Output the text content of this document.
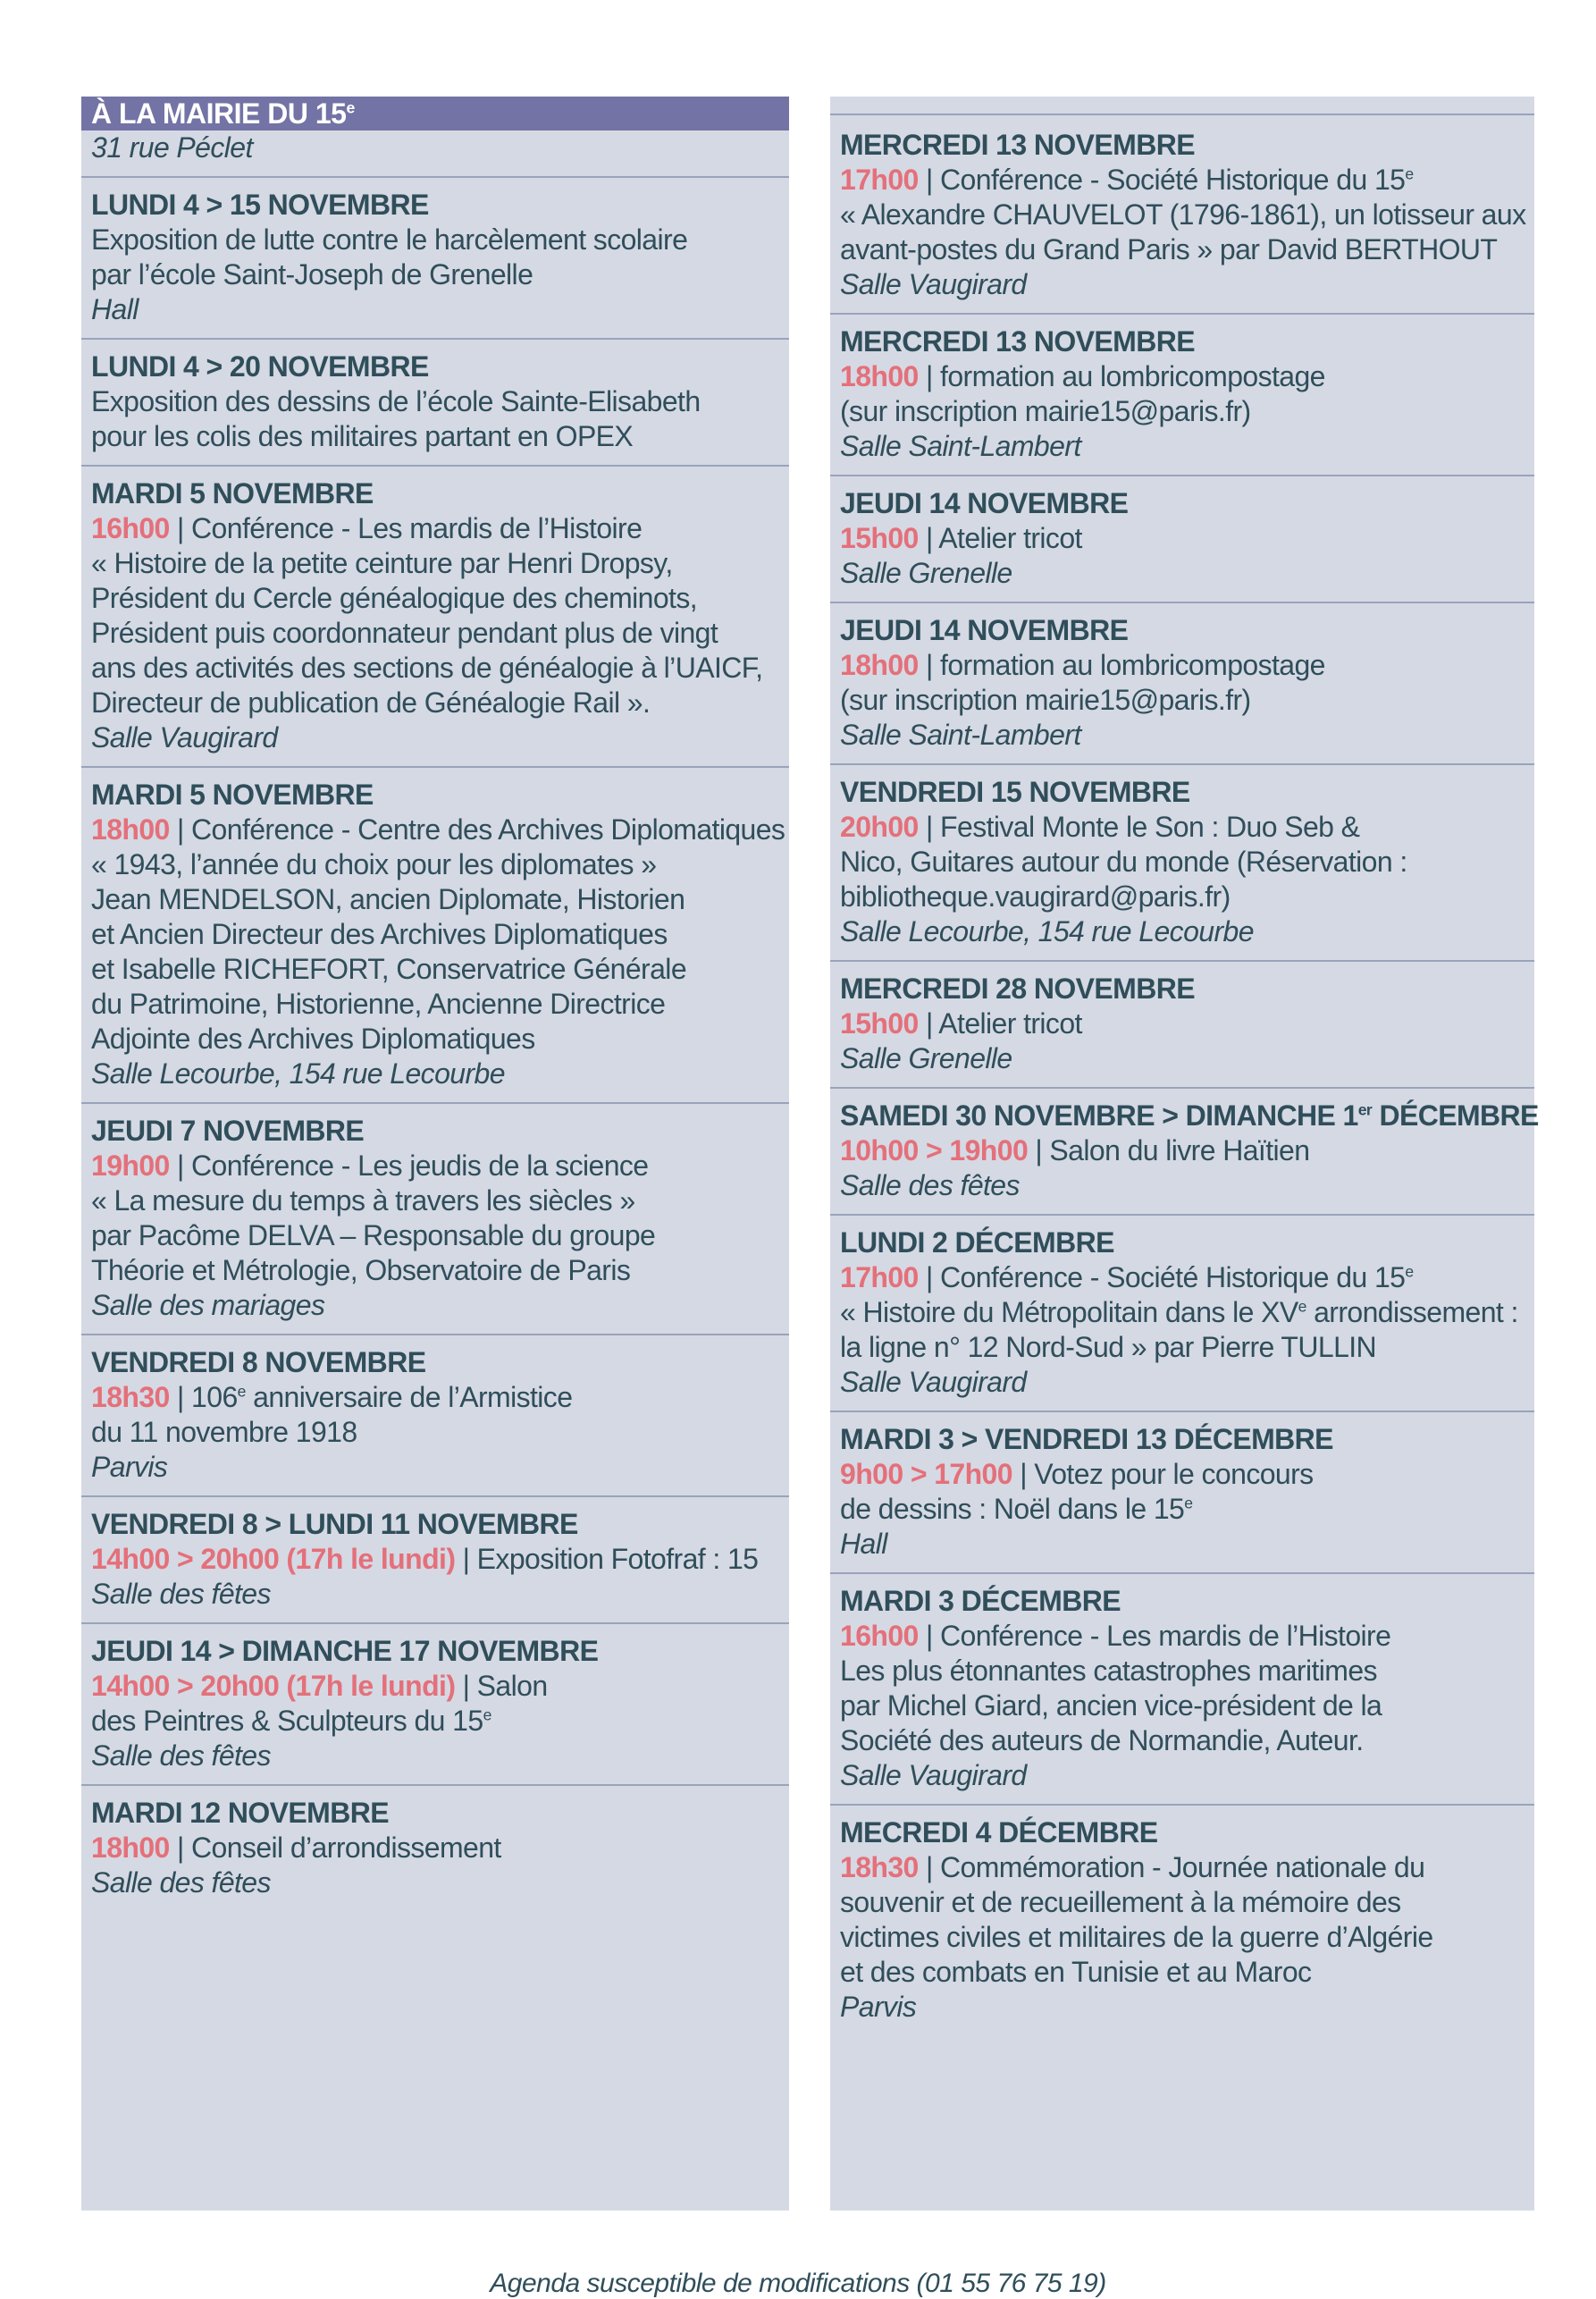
À LA MAIRIE DU 15e
31 rue Péclet
LUNDI 4 > 15 NOVEMBRE
Exposition de lutte contre le harcèlement scolaire
par l’école Saint-Joseph de Grenelle
Hall
LUNDI 4 > 20 NOVEMBRE
Exposition des dessins de l’école Sainte-Elisabeth
pour les colis des militaires partant en OPEX
MARDI 5 NOVEMBRE
16h00 | Conférence - Les mardis de l’Histoire
« Histoire de la petite ceinture par Henri Dropsy,
Président du Cercle généalogique des cheminots,
Président puis coordonnateur pendant plus de vingt
ans des activités des sections de généalogie à l’UAICF,
Directeur de publication de Généalogie Rail ».
Salle Vaugirard
MARDI 5 NOVEMBRE
18h00 | Conférence - Centre des Archives Diplomatiques
« 1943, l’année du choix pour les diplomates »
Jean MENDELSON, ancien Diplomate, Historien
et Ancien Directeur des Archives Diplomatiques
et Isabelle RICHEFORT, Conservatrice Générale
du Patrimoine, Historienne, Ancienne Directrice
Adjointe des Archives Diplomatiques
Salle Lecourbe, 154 rue Lecourbe
JEUDI 7 NOVEMBRE
19h00 | Conférence - Les jeudis de la science
« La mesure du temps à travers les siècles »
par Pacôme DELVA – Responsable du groupe
Théorie et Métrologie, Observatoire de Paris
Salle des mariages
VENDREDI 8 NOVEMBRE
18h30 | 106e anniversaire de l’Armistice
du 11 novembre 1918
Parvis
VENDREDI 8 > LUNDI 11 NOVEMBRE
14h00 > 20h00 (17h le lundi) | Exposition Fotofraf : 15
Salle des fêtes
JEUDI 14 > DIMANCHE 17 NOVEMBRE
14h00 > 20h00 (17h le lundi) | Salon
des Peintres & Sculpteurs du 15e
Salle des fêtes
MARDI 12 NOVEMBRE
18h00 | Conseil d’arrondissement
Salle des fêtes
MERCREDI 13 NOVEMBRE
17h00 | Conférence - Société Historique du 15e
« Alexandre CHAUVELOT (1796-1861), un lotisseur aux
avant-postes du Grand Paris » par David BERTHOUT
Salle Vaugirard
MERCREDI 13 NOVEMBRE
18h00 | formation au lombricompostage
(sur inscription mairie15@paris.fr)
Salle Saint-Lambert
JEUDI 14 NOVEMBRE
15h00 | Atelier tricot
Salle Grenelle
JEUDI 14 NOVEMBRE
18h00 | formation au lombricompostage
(sur inscription mairie15@paris.fr)
Salle Saint-Lambert
VENDREDI 15 NOVEMBRE
20h00 | Festival Monte le Son : Duo Seb &
Nico, Guitares autour du monde (Réservation :
bibliotheque.vaugirard@paris.fr)
Salle Lecourbe, 154 rue Lecourbe
MERCREDI 28 NOVEMBRE
15h00 | Atelier tricot
Salle Grenelle
SAMEDI 30 NOVEMBRE > DIMANCHE 1er DÉCEMBRE
10h00 > 19h00 | Salon du livre Haïtien
Salle des fêtes
LUNDI 2 DÉCEMBRE
17h00 | Conférence - Société Historique du 15e
« Histoire du Métropolitain dans le XVe arrondissement :
la ligne n° 12 Nord-Sud » par Pierre TULLIN
Salle Vaugirard
MARDI 3 > VENDREDI 13 DÉCEMBRE
9h00 > 17h00 | Votez pour le concours
de dessins : Noël dans le 15e
Hall
MARDI 3 DÉCEMBRE
16h00 | Conférence - Les mardis de l’Histoire
Les plus étonnantes catastrophes maritimes
par Michel Giard, ancien vice-président de la
Société des auteurs de Normandie, Auteur.
Salle Vaugirard
MECREDI 4 DÉCEMBRE
18h30 | Commémoration - Journée nationale du
souvenir et de recueillement à la mémoire des
victimes civiles et militaires de la guerre d’Algérie
et des combats en Tunisie et au Maroc
Parvis
Agenda susceptible de modifications (01 55 76 75 19)
